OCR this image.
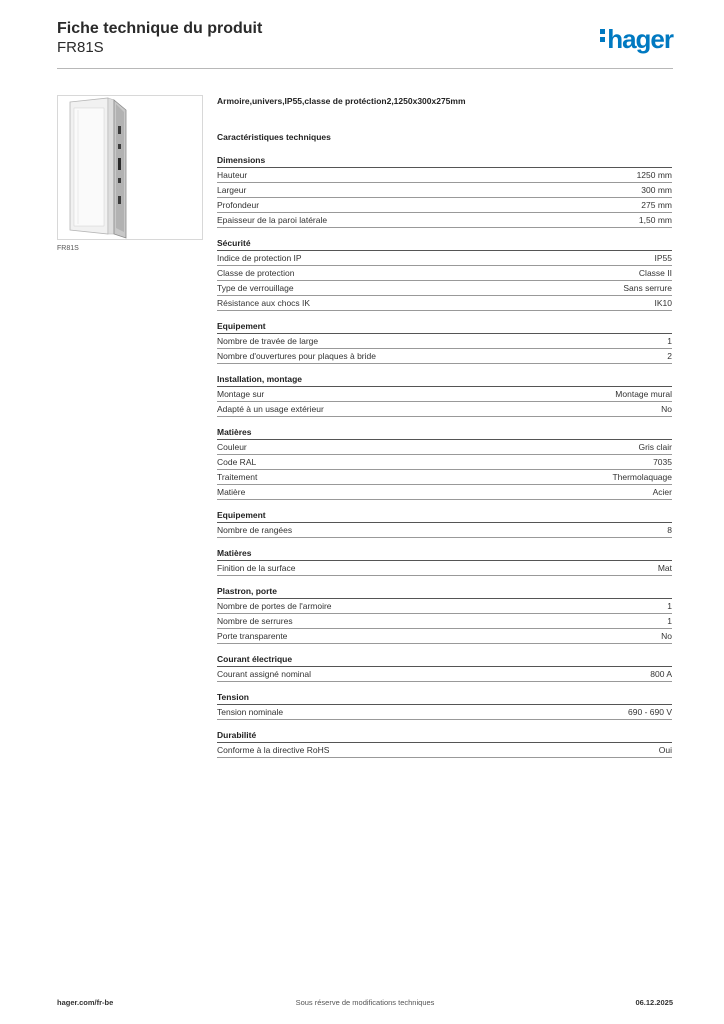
Fiche technique du produit
FR81S	hager
FR81S
Armoire,univers,IP55,classe de protéction2,1250x300x275mm
Caractéristiques techniques
Dimensions
Hauteur	1250 mm
Largeur	300 mm
Profondeur	275 mm
Epaisseur de la paroi latérale	1,50 mm
Sécurité
Indice de protection IP	IP55
Classe de protection	Classe II
Type de verrouillage	Sans serrure
Résistance aux chocs IK	IK10
Equipement
Nombre de travée de large	1
Nombre d'ouvertures pour plaques à bride	2
Installation, montage
Montage sur	Montage mural
Adapté à un usage extérieur	No
Matières
Couleur	Gris clair
Code RAL	7035
Traitement	Thermolaquage
Matière	Acier
Equipement
Nombre de rangées	8
Matières
Finition de la surface	Mat
Plastron, porte
Nombre de portes de l'armoire	1
Nombre de serrures	1
Porte transparente	No
Courant électrique
Courant assigné nominal	800 A
Tension
Tension nominale	690 - 690 V
Durabilité
Conforme à la directive RoHS	Oui
hager.com/fr-be	Sous réserve de modifications techniques	06.12.2025
